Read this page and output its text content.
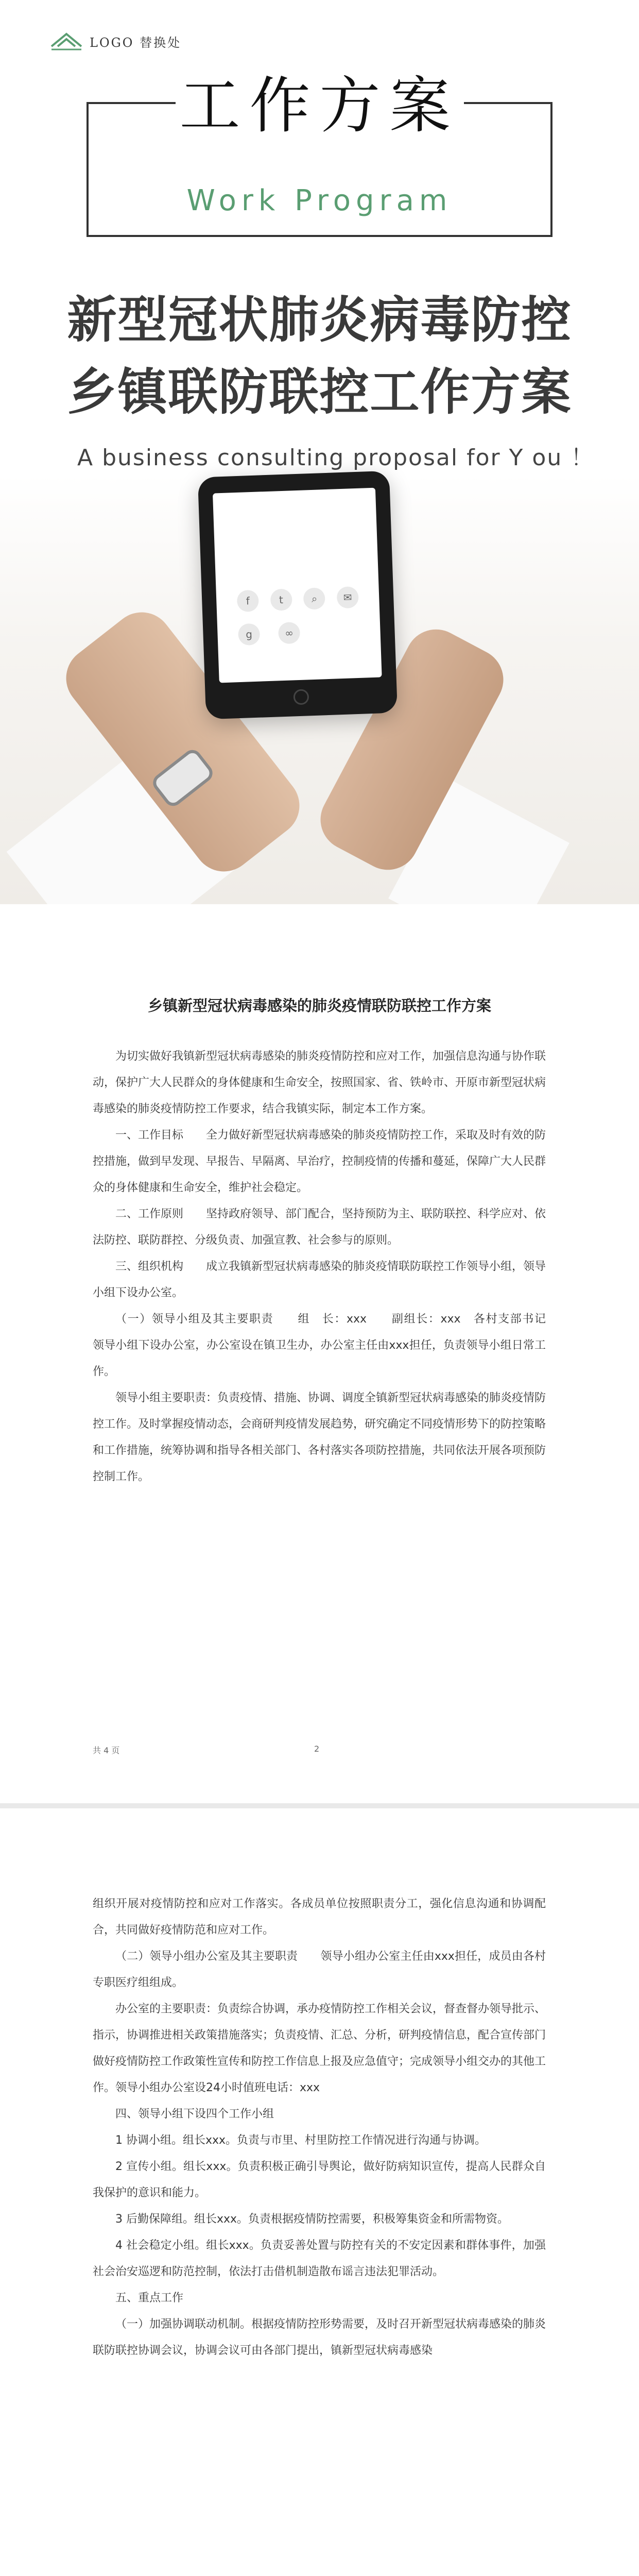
LOGO 替换处
工作方案
Work Program
新型冠状肺炎病毒防控
乡镇联防联控工作方案
A business consulting proposal for Y ou ！
f	t	⌕	✉
g	∞
乡镇新型冠状病毒感染的肺炎疫情联防联控工作方案

为切实做好我镇新型冠状病毒感染的肺炎疫情防控和应对工作，加强信息沟通与协作联动，保护广大人民群众的身体健康和生命安全，按照国家、省、铁岭市、开原市新型冠状病毒感染的肺炎疫情防控工作要求，结合我镇实际，制定本工作方案。

一、工作目标　　全力做好新型冠状病毒感染的肺炎疫情防控工作，采取及时有效的防控措施，做到早发现、早报告、早隔离、早治疗，控制疫情的传播和蔓延，保障广大人民群众的身体健康和生命安全，维护社会稳定。

二、工作原则　　坚持政府领导、部门配合，坚持预防为主、联防联控、科学应对、依法防控、联防群控、分级负责、加强宣教、社会参与的原则。

三、组织机构　　成立我镇新型冠状病毒感染的肺炎疫情联防联控工作领导小组，领导小组下设办公室。

（一）领导小组及其主要职责　　组　长：xxx　　副组长：xxx　各村支部书记　　领导小组下设办公室，办公室设在镇卫生办，办公室主任由xxx担任，负责领导小组日常工作。

领导小组主要职责：负责疫情、措施、协调、调度全镇新型冠状病毒感染的肺炎疫情防控工作。及时掌握疫情动态，会商研判疫情发展趋势，研究确定不同疫情形势下的防控策略和工作措施，统筹协调和指导各相关部门、各村落实各项防控措施，共同依法开展各项预防控制工作。

共 4 页	2

组织开展对疫情防控和应对工作落实。各成员单位按照职责分工，强化信息沟通和协调配合，共同做好疫情防范和应对工作。

（二）领导小组办公室及其主要职责　　领导小组办公室主任由xxx担任，成员由各村专职医疗组组成。

办公室的主要职责：负责综合协调，承办疫情防控工作相关会议，督查督办领导批示、指示，协调推进相关政策措施落实；负责疫情、汇总、分析，研判疫情信息，配合宣传部门做好疫情防控工作政策性宣传和防控工作信息上报及应急值守；完成领导小组交办的其他工作。领导小组办公室设24小时值班电话：xxx

四、领导小组下设四个工作小组

1 协调小组。组长xxx。负责与市里、村里防控工作情况进行沟通与协调。

2 宣传小组。组长xxx。负责积极正确引导舆论，做好防病知识宣传，提高人民群众自我保护的意识和能力。

3 后勤保障组。组长xxx。负责根据疫情防控需要，积极筹集资金和所需物资。

4 社会稳定小组。组长xxx。负责妥善处置与防控有关的不安定因素和群体事件，加强社会治安巡逻和防范控制，依法打击借机制造散布谣言违法犯罪活动。

五、重点工作

（一）加强协调联动机制。根据疫情防控形势需要，及时召开新型冠状病毒感染的肺炎联防联控协调会议，协调会议可由各部门提出，镇新型冠状病毒感染
